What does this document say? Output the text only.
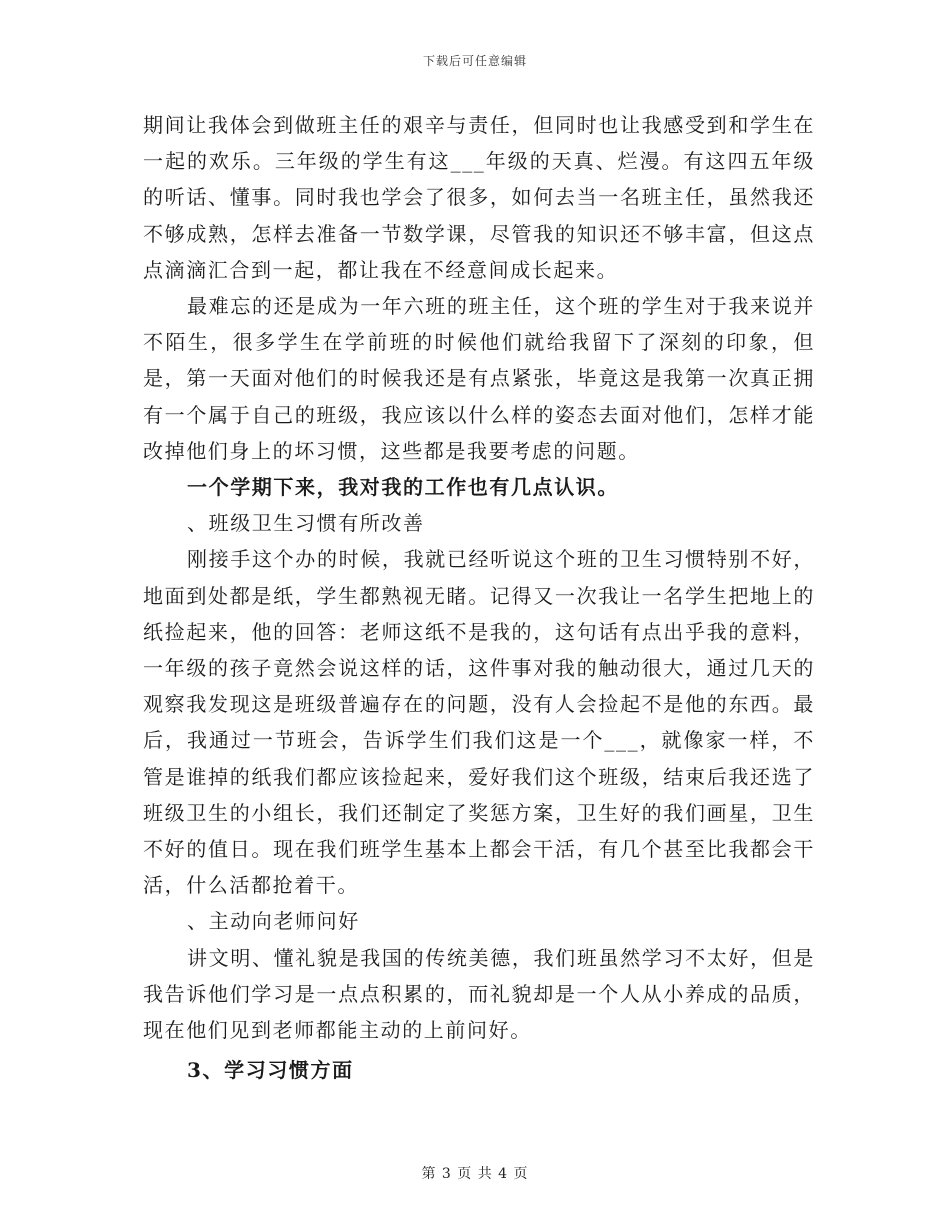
下载后可任意编辑

期间让我体会到做班主任的艰辛与责任，但同时也让我感受到和学生在一起的欢乐。三年级的学生有这___年级的天真、烂漫。有这四五年级的听话、懂事。同时我也学会了很多，如何去当一名班主任，虽然我还不够成熟，怎样去准备一节数学课，尽管我的知识还不够丰富，但这点点滴滴汇合到一起，都让我在不经意间成长起来。

最难忘的还是成为一年六班的班主任，这个班的学生对于我来说并不陌生，很多学生在学前班的时候他们就给我留下了深刻的印象，但是，第一天面对他们的时候我还是有点紧张，毕竟这是我第一次真正拥有一个属于自己的班级，我应该以什么样的姿态去面对他们，怎样才能改掉他们身上的坏习惯，这些都是我要考虑的问题。

一个学期下来，我对我的工作也有几点认识。

、班级卫生习惯有所改善

刚接手这个办的时候，我就已经听说这个班的卫生习惯特别不好，地面到处都是纸，学生都熟视无睹。记得又一次我让一名学生把地上的纸捡起来，他的回答：老师这纸不是我的，这句话有点出乎我的意料，一年级的孩子竟然会说这样的话，这件事对我的触动很大，通过几天的观察我发现这是班级普遍存在的问题，没有人会捡起不是他的东西。最后，我通过一节班会，告诉学生们我们这是一个___，就像家一样，不管是谁掉的纸我们都应该捡起来，爱好我们这个班级，结束后我还选了班级卫生的小组长，我们还制定了奖惩方案，卫生好的我们画星，卫生不好的值日。现在我们班学生基本上都会干活，有几个甚至比我都会干活，什么活都抢着干。

、主动向老师问好

讲文明、懂礼貌是我国的传统美德，我们班虽然学习不太好，但是我告诉他们学习是一点点积累的，而礼貌却是一个人从小养成的品质，现在他们见到老师都能主动的上前问好。

3、学习习惯方面

第 3 页 共 4 页
